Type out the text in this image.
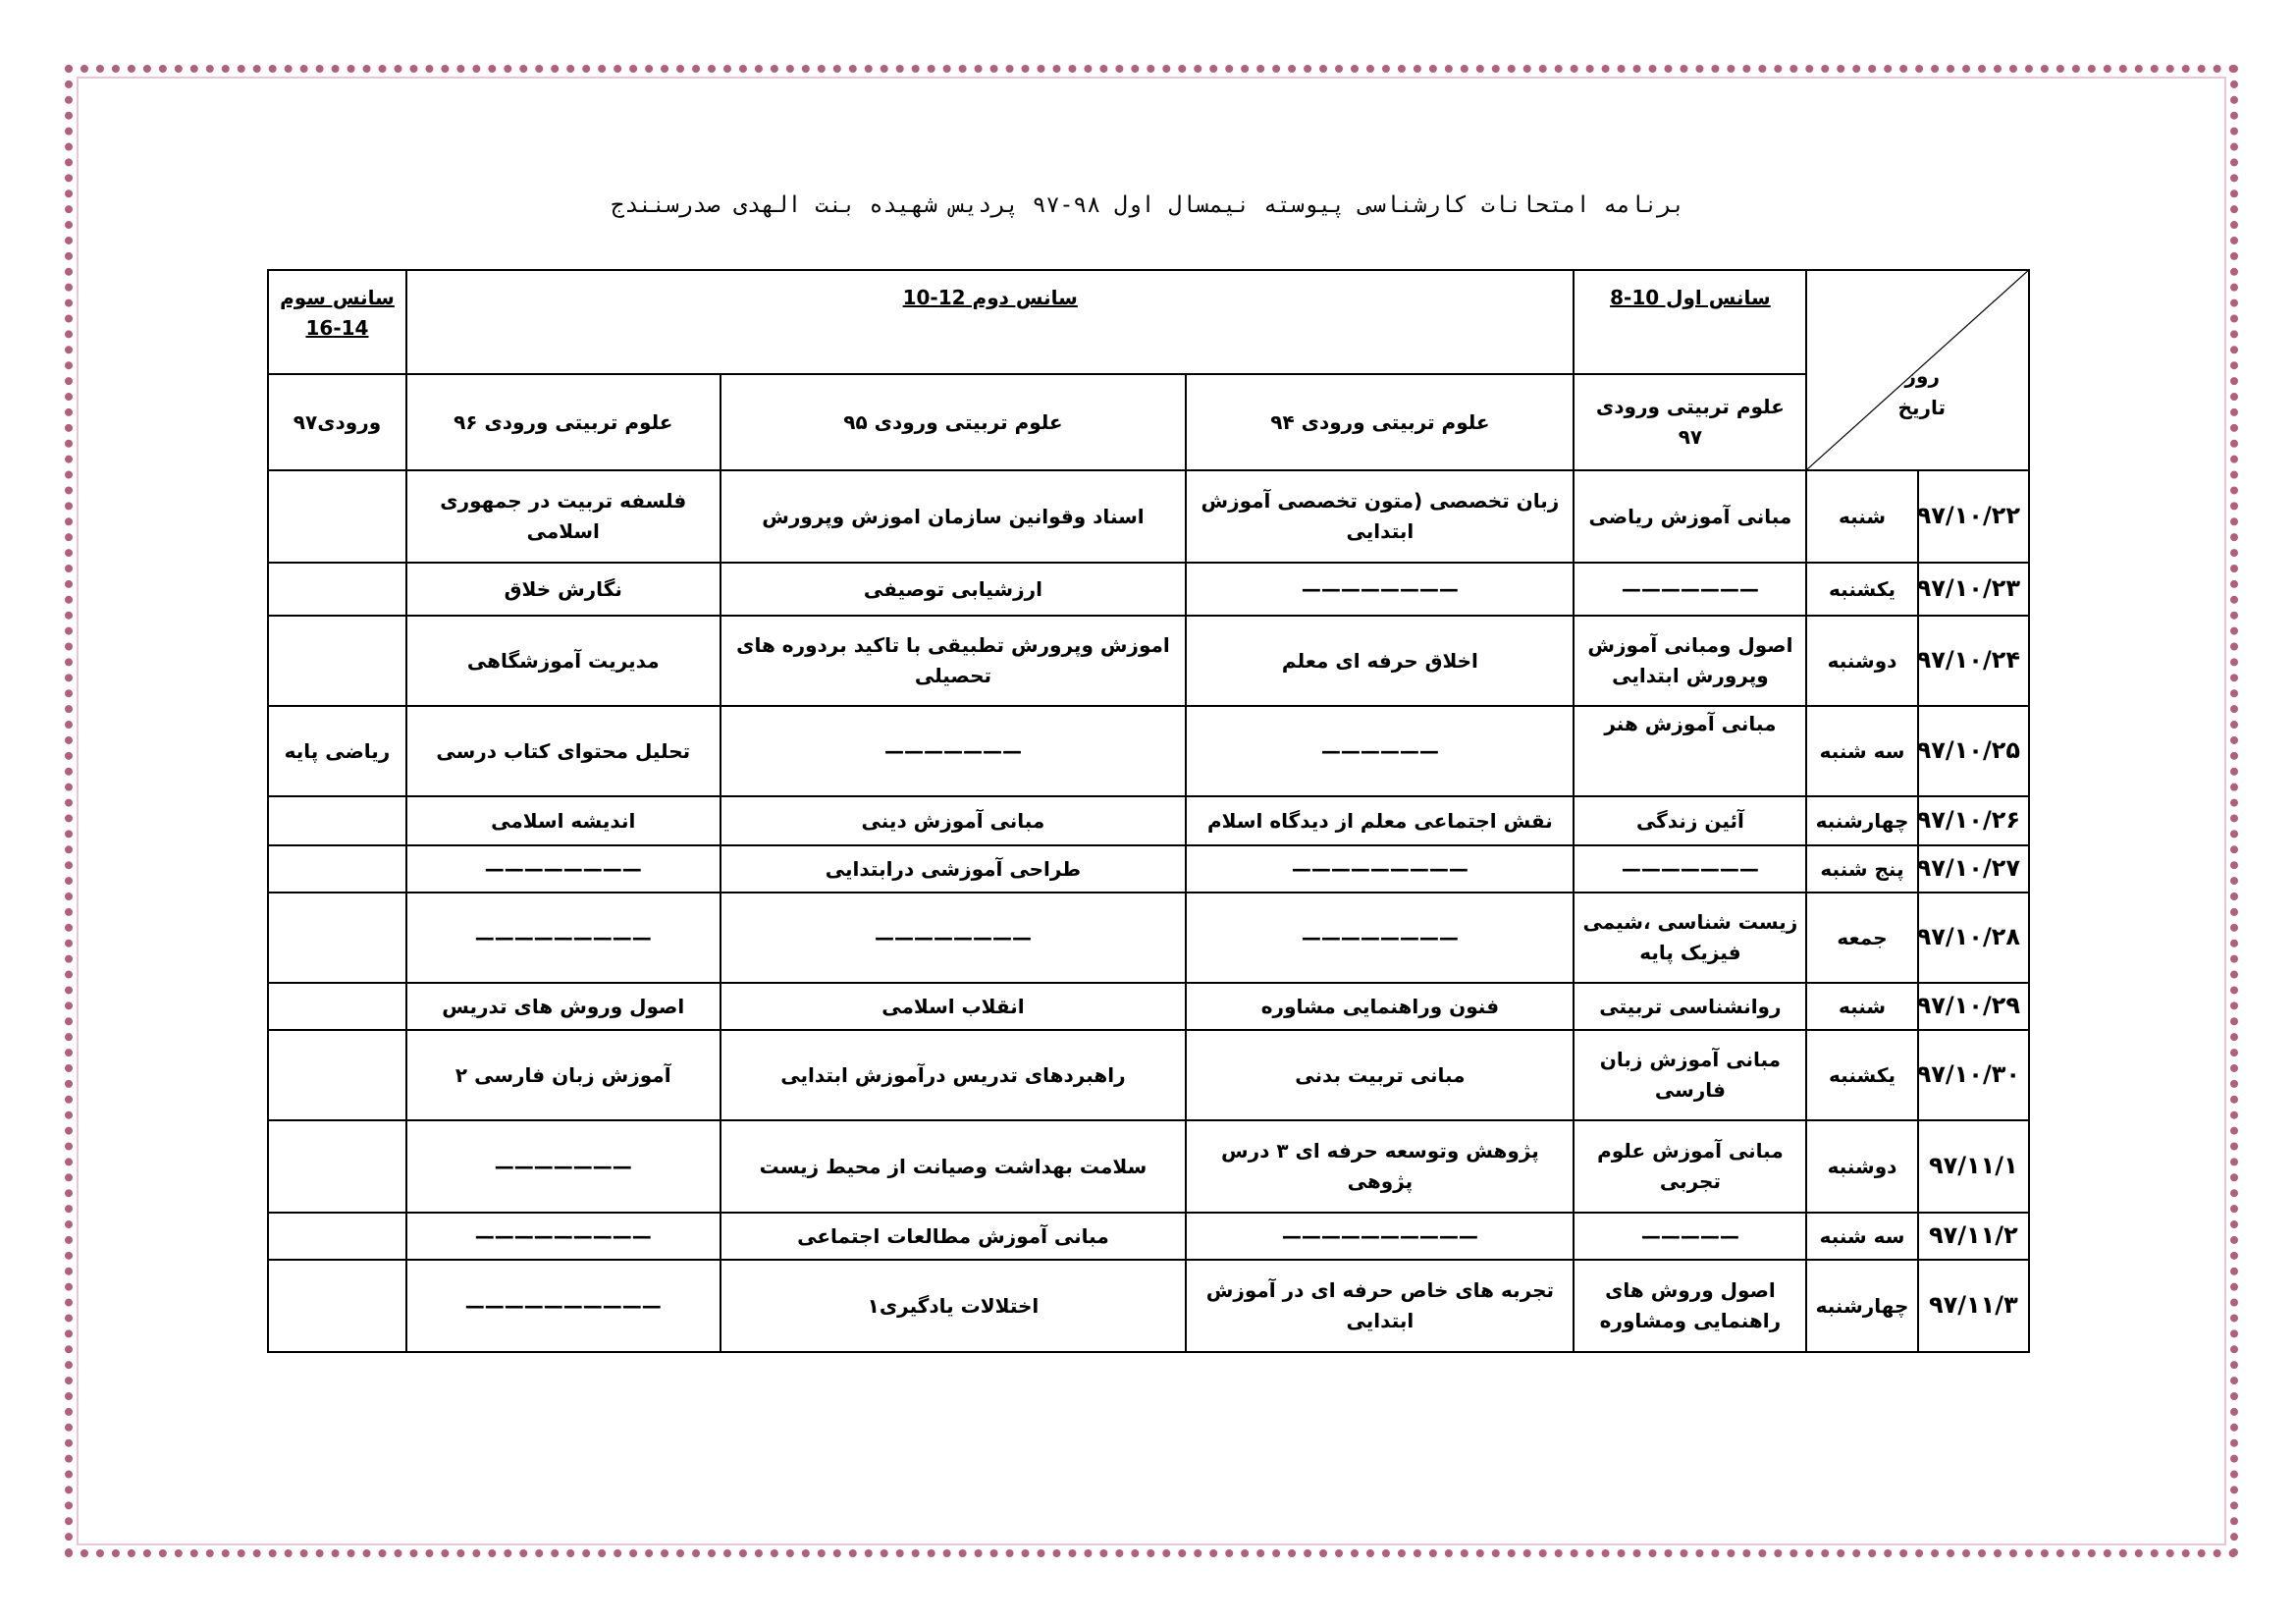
برنامه امتحانات کارشناسی پیوسته نیمسال اول ۹۸-۹۷ پردیس شهیده بنت الهدی صدرسنندج
روز
تاریخ		سانس اول 10-8	سانس دوم 12-10			سانس سوم 14-16
		علوم تربیتی ورودی ۹۷	علوم تربیتی ورودی ۹۴	علوم تربیتی ورودی ۹۵	علوم تربیتی ورودی ۹۶	ورودی۹۷
۹۷/۱۰/۲۲	شنبه	مبانی آموزش ریاضی	زبان تخصصی (متون تخصصی آموزش ابتدایی	اسناد وقوانین سازمان اموزش وپرورش	فلسفه تربیت در جمهوری اسلامی	
۹۷/۱۰/۲۳	یکشنبه	———————	————————	ارزشیابی توصیفی	نگارش خلاق	
۹۷/۱۰/۲۴	دوشنبه	اصول ومبانی آموزش وپرورش ابتدایی	اخلاق حرفه ای معلم	اموزش وپرورش تطبیقی با تاکید بردوره های تحصیلی	مدیریت آموزشگاهی	
۹۷/۱۰/۲۵	سه شنبه	مبانی آموزش هنر	——————	———————	تحلیل محتوای کتاب درسی	ریاضی پایه
۹۷/۱۰/۲۶	چهارشنبه	آئین زندگی	نقش اجتماعی معلم از دیدگاه اسلام	مبانی آموزش دینی	اندیشه اسلامی	
۹۷/۱۰/۲۷	پنج شنبه	———————	—————————	طراحی آموزشی درابتدایی	————————	
۹۷/۱۰/۲۸	جمعه	زیست شناسی ،شیمی فیزیک پایه	————————	————————	—————————	
۹۷/۱۰/۲۹	شنبه	روانشناسی تربیتی	فنون وراهنمایی مشاوره	انقلاب اسلامی	اصول وروش های تدریس	
۹۷/۱۰/۳۰	یکشنبه	مبانی آموزش زبان فارسی	مبانی تربیت بدنی	راهبردهای تدریس درآموزش ابتدایی	آموزش زبان فارسی ۲	
۹۷/۱۱/۱	دوشنبه	مبانی آموزش علوم تجربی	پژوهش وتوسعه حرفه ای ۳ درس پژوهی	سلامت بهداشت وصیانت از محیط زیست	———————	
۹۷/۱۱/۲	سه شنبه	—————	——————————	مبانی آموزش مطالعات اجتماعی	—————————	
۹۷/۱۱/۳	چهارشنبه	اصول وروش های راهنمایی ومشاوره	تجربه های خاص حرفه ای در آموزش ابتدایی	اختلالات یادگیری۱	——————————	
